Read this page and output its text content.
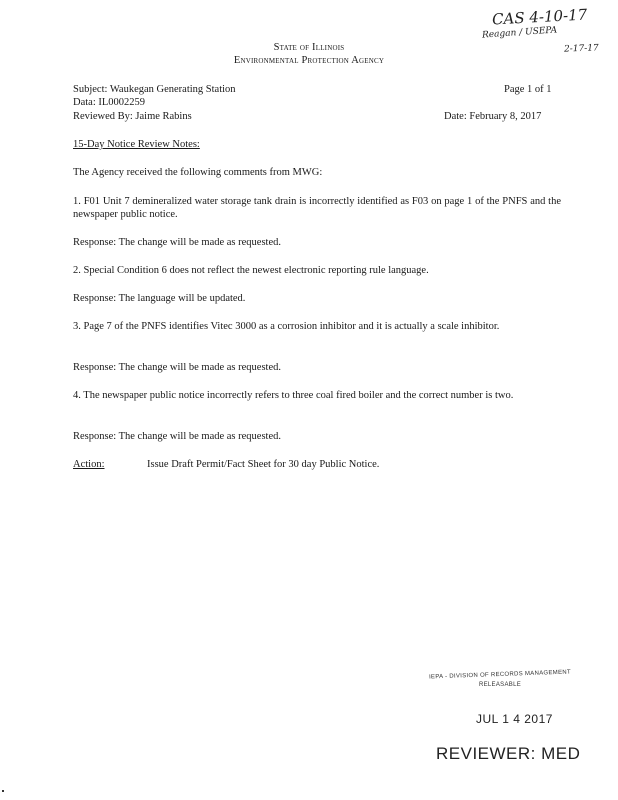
CAS 4-10-17
Reagan / USEPA
2-17-17
State of Illinois
Environmental Protection Agency
Subject: Waukegan Generating Station	Page 1 of 1
Data: IL0002259
Reviewed By: Jaime Rabins	Date: February 8, 2017
15-Day Notice Review Notes:
The Agency received the following comments from MWG:
1. F01 Unit 7 demineralized water storage tank drain is incorrectly identified as F03 on page 1 of the PNFS and the newspaper public notice.
Response: The change will be made as requested.
2. Special Condition 6 does not reflect the newest electronic reporting rule language.
Response: The language will be updated.
3. Page 7 of the PNFS identifies Vitec 3000 as a corrosion inhibitor and it is actually a scale inhibitor.
Response: The change will be made as requested.
4. The newspaper public notice incorrectly refers to three coal fired boiler and the correct number is two.
Response: The change will be made as requested.
Action:	Issue Draft Permit/Fact Sheet for 30 day Public Notice.
IEPA - DIVISION OF RECORDS MANAGEMENT
RELEASABLE
JUL 1 4 2017
REVIEWER: MED
